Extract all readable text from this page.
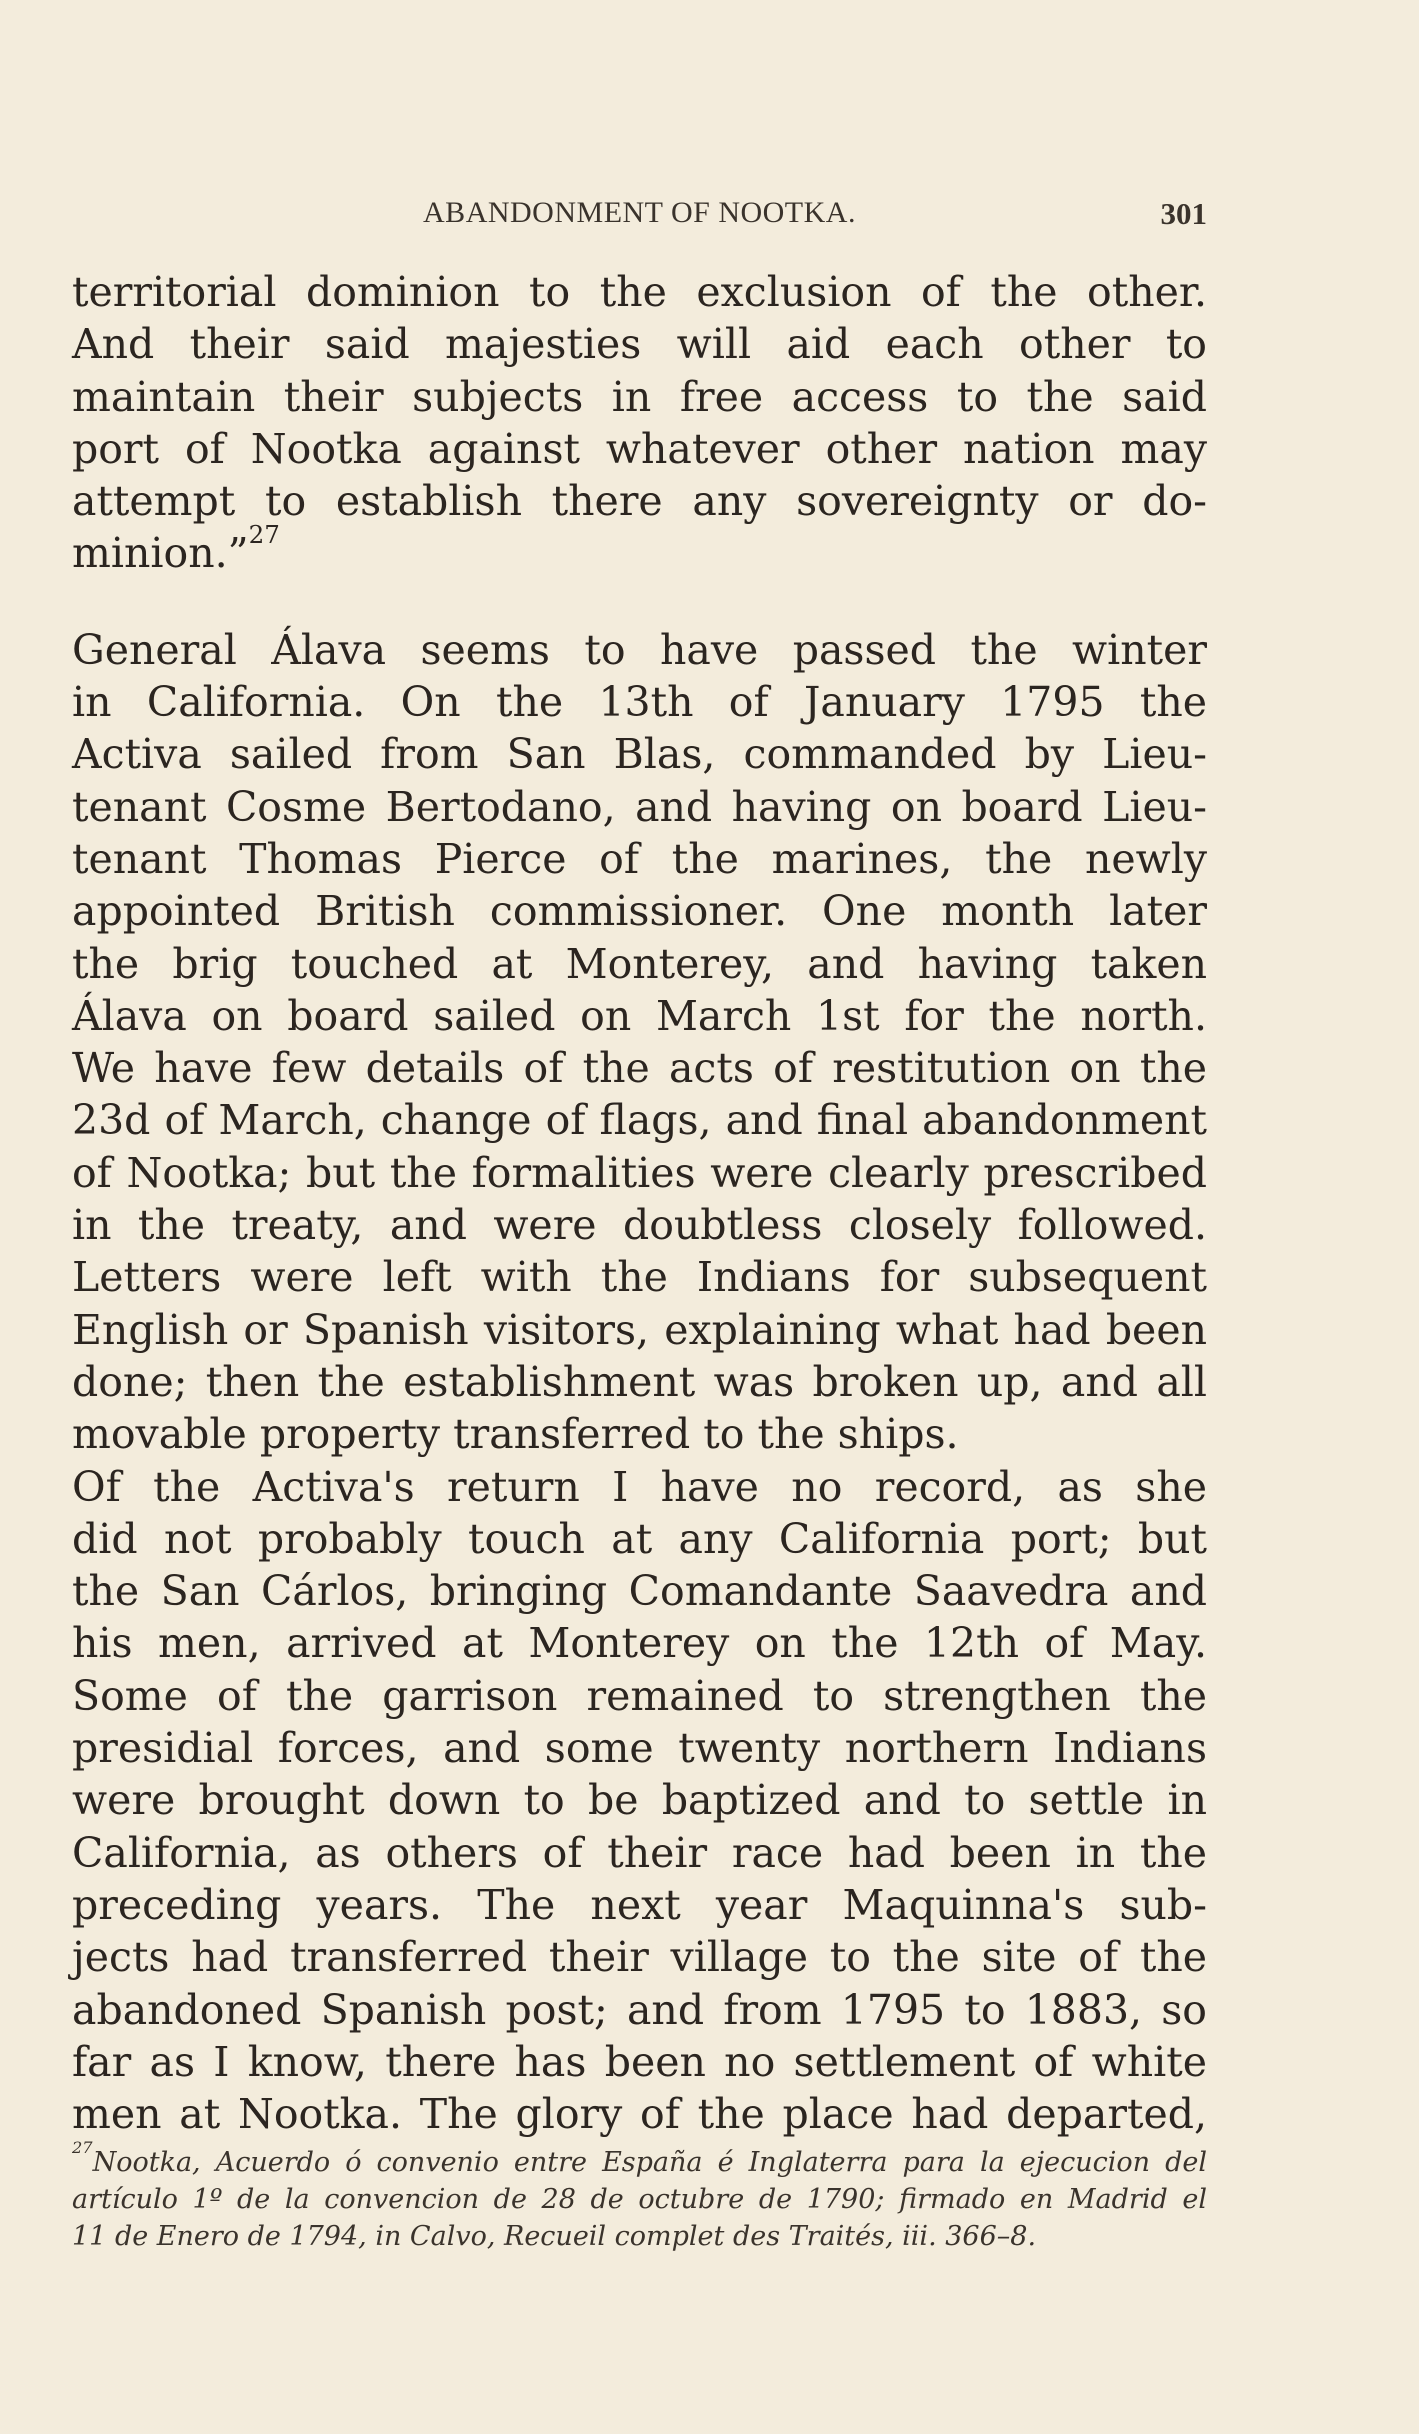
ABANDONMENT OF NOOTKA.	301
territorial dominion to the exclusion of the other.
And their said majesties will aid each other to
maintain their subjects in free access to the said
port of Nootka against whatever other nation may
attempt to establish there any sovereignty or do-
minion.”$^{27}$
General Álava seems to have passed the winter
in California. On the 13th of January 1795 the
Activa sailed from San Blas, commanded by Lieu-
tenant Cosme Bertodano, and having on board Lieu-
tenant Thomas Pierce of the marines, the newly
appointed British commissioner. One month later
the brig touched at Monterey, and having taken
Álava on board sailed on March 1st for the north.
We have few details of the acts of restitution on the
23d of March, change of flags, and final abandonment
of Nootka; but the formalities were clearly prescribed
in the treaty, and were doubtless closely followed.
Letters were left with the Indians for subsequent
English or Spanish visitors, explaining what had been
done; then the establishment was broken up, and all
movable property transferred to the ships.
Of the Activa's return I have no record, as she
did not probably touch at any California port; but
the San Cárlos, bringing Comandante Saavedra and
his men, arrived at Monterey on the 12th of May.
Some of the garrison remained to strengthen the
presidial forces, and some twenty northern Indians
were brought down to be baptized and to settle in
California, as others of their race had been in the
preceding years. The next year Maquinna's sub-
jects had transferred their village to the site of the
abandoned Spanish post; and from 1795 to 1883, so
far as I know, there has been no settlement of white
men at Nootka. The glory of the place had departed,
$^{27}$Nootka, Acuerdo ó convenio entre España é Inglaterra para la ejecucion del
artículo 1º de la convencion de 28 de octubre de 1790; firmado en Madrid el
11 de Enero de 1794, in Calvo, Recueil complet des Traités, iii. 366–8.
